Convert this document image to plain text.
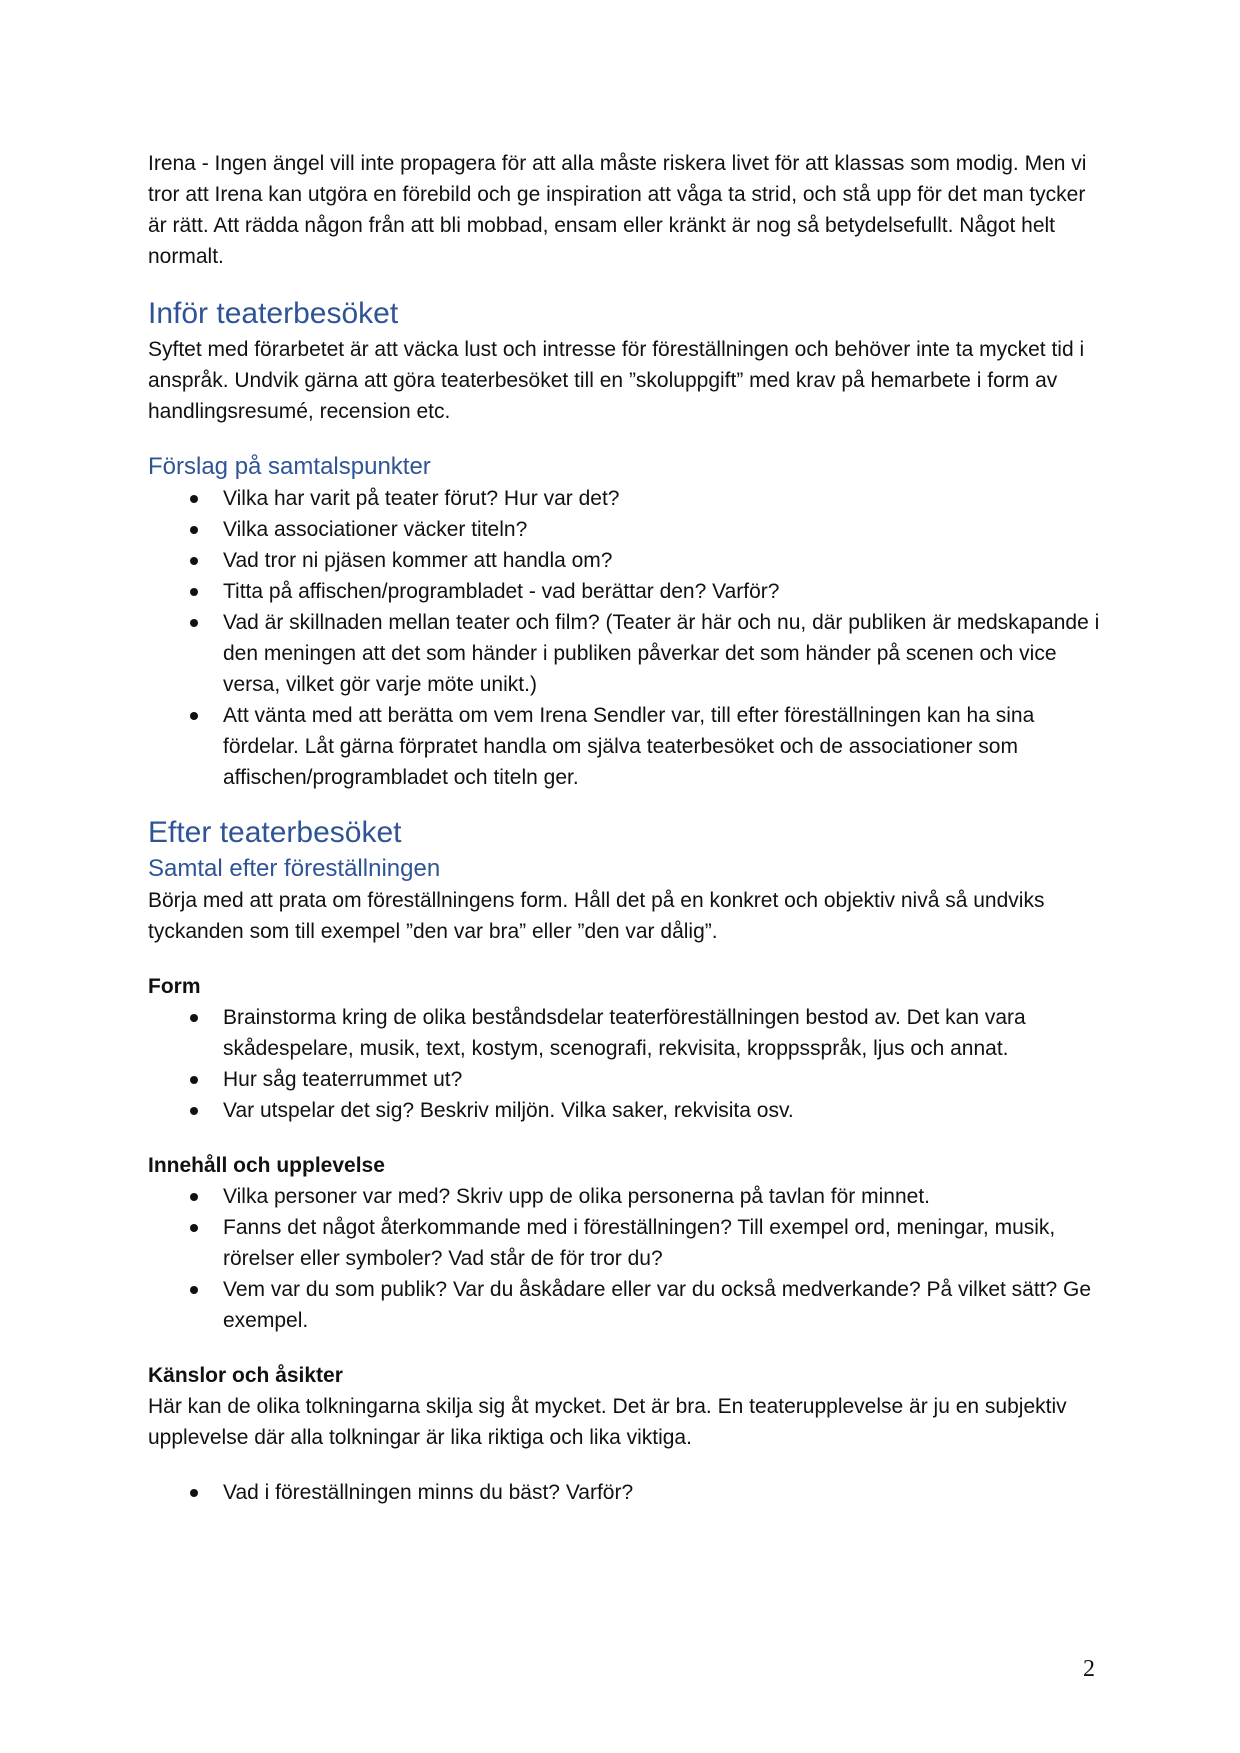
Irena - Ingen ängel vill inte propagera för att alla måste riskera livet för att klassas som modig. Men vi tror att Irena kan utgöra en förebild och ge inspiration att våga ta strid, och stå upp för det man tycker är rätt. Att rädda någon från att bli mobbad, ensam eller kränkt är nog så betydelsefullt. Något helt normalt.

Inför teaterbesöket

Syftet med förarbetet är att väcka lust och intresse för föreställningen och behöver inte ta mycket tid i anspråk. Undvik gärna att göra teaterbesöket till en ”skoluppgift” med krav på hemarbete i form av handlingsresumé, recension etc.

Förslag på samtalspunkter
Vilka har varit på teater förut? Hur var det?
Vilka associationer väcker titeln?
Vad tror ni pjäsen kommer att handla om?
Titta på affischen/programbladet - vad berättar den? Varför?
Vad är skillnaden mellan teater och film? (Teater är här och nu, där publiken är medskapande i den meningen att det som händer i publiken påverkar det som händer på scenen och vice versa, vilket gör varje möte unikt.)
Att vänta med att berätta om vem Irena Sendler var, till efter föreställningen kan ha sina fördelar. Låt gärna förpratet handla om själva teaterbesöket och de associationer som affischen/programbladet och titeln ger.
Efter teaterbesöket
Samtal efter föreställningen

Börja med att prata om föreställningens form. Håll det på en konkret och objektiv nivå så undviks tyckanden som till exempel ”den var bra” eller ”den var dålig”.

Form

Brainstorma kring de olika beståndsdelar teaterföreställningen bestod av. Det kan vara skådespelare, musik, text, kostym, scenografi, rekvisita, kroppsspråk, ljus och annat.
Hur såg teaterrummet ut?
Var utspelar det sig? Beskriv miljön. Vilka saker, rekvisita osv.

Innehåll och upplevelse

Vilka personer var med? Skriv upp de olika personerna på tavlan för minnet.
Fanns det något återkommande med i föreställningen? Till exempel ord, meningar, musik, rörelser eller symboler? Vad står de för tror du?
Vem var du som publik? Var du åskådare eller var du också medverkande? På vilket sätt? Ge exempel.

Känslor och åsikter

Här kan de olika tolkningarna skilja sig åt mycket. Det är bra. En teaterupplevelse är ju en subjektiv upplevelse där alla tolkningar är lika riktiga och lika viktiga.

Vad i föreställningen minns du bäst? Varför?
2
